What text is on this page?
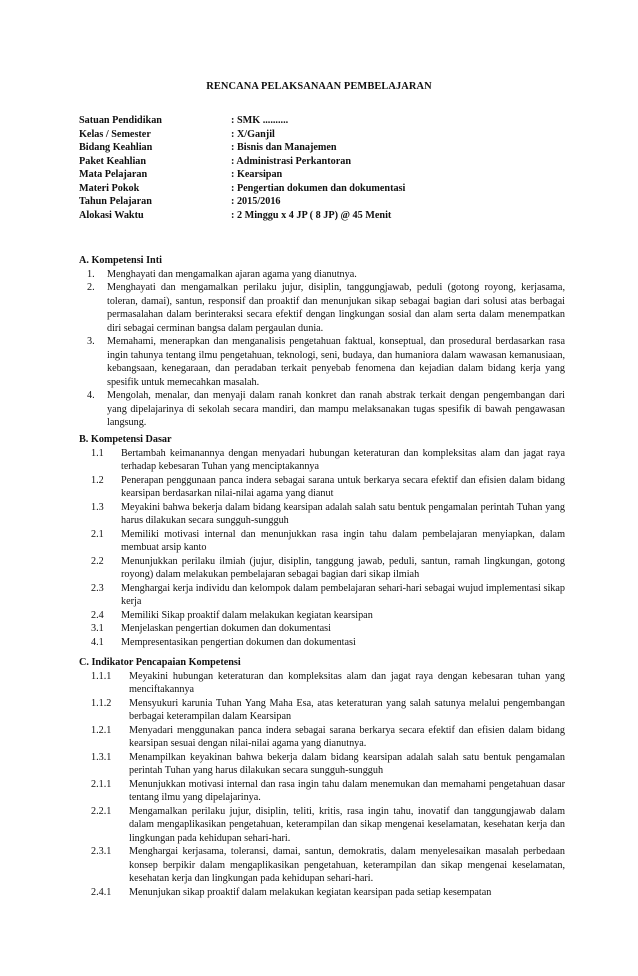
RENCANA PELAKSANAAN PEMBELAJARAN
Satuan Pendidikan	: SMK ..........
Kelas / Semester	: X/Ganjil
Bidang Keahlian	: Bisnis dan Manajemen
Paket Keahlian	: Administrasi Perkantoran
Mata Pelajaran	: Kearsipan
Materi Pokok	: Pengertian dokumen dan dokumentasi
Tahun Pelajaran	: 2015/2016
Alokasi Waktu	: 2 Minggu x 4 JP ( 8 JP) @ 45 Menit
A. Kompetensi Inti
1.	Menghayati dan mengamalkan ajaran agama yang dianutnya.
2.	Menghayati dan mengamalkan perilaku jujur, disiplin, tanggungjawab, peduli (gotong royong, kerjasama, toleran, damai), santun, responsif dan proaktif dan menunjukan sikap sebagai bagian dari solusi atas berbagai permasalahan dalam berinteraksi secara efektif dengan lingkungan sosial dan alam serta dalam menempatkan diri sebagai cerminan bangsa dalam pergaulan dunia.
3.	Memahami, menerapkan dan menganalisis pengetahuan faktual, konseptual, dan prosedural berdasarkan rasa ingin tahunya tentang ilmu pengetahuan, teknologi, seni, budaya, dan humaniora dalam wawasan kemanusiaan, kebangsaan, kenegaraan, dan peradaban terkait penyebab fenomena dan kejadian dalam bidang kerja yang spesifik untuk memecahkan masalah.
4.	Mengolah, menalar, dan menyaji dalam ranah konkret dan ranah abstrak terkait dengan pengembangan dari yang dipelajarinya di sekolah secara mandiri, dan mampu melaksanakan tugas spesifik di bawah pengawasan langsung.
B. Kompetensi Dasar
1.1	Bertambah keimanannya dengan menyadari hubungan keteraturan dan kompleksitas alam dan jagat raya terhadap kebesaran Tuhan yang menciptakannya
1.2	Penerapan penggunaan panca indera sebagai sarana untuk berkarya secara efektif dan efisien dalam bidang kearsipan berdasarkan nilai-nilai agama yang dianut
1.3	Meyakini bahwa bekerja dalam bidang kearsipan adalah salah satu bentuk pengamalan perintah Tuhan yang harus dilakukan secara sungguh-sungguh
2.1	Memiliki motivasi internal dan menunjukkan rasa ingin tahu dalam pembelajaran menyiapkan, dalam membuat arsip kanto
2.2	Menunjukkan perilaku ilmiah (jujur, disiplin, tanggung jawab, peduli, santun, ramah lingkungan, gotong royong) dalam melakukan pembelajaran sebagai bagian dari sikap ilmiah
2.3	Menghargai kerja individu dan kelompok dalam pembelajaran sehari-hari sebagai wujud implementasi sikap kerja
2.4	Memiliki Sikap proaktif dalam melakukan kegiatan kearsipan
3.1	Menjelaskan pengertian dokumen dan dokumentasi
4.1	Mempresentasikan pengertian dokumen dan dokumentasi
C. Indikator Pencapaian Kompetensi
1.1.1	Meyakini hubungan keteraturan dan kompleksitas alam dan jagat raya dengan kebesaran tuhan yang menciftakannya
1.1.2	Mensyukuri karunia Tuhan Yang Maha Esa, atas keteraturan yang salah satunya melalui pengembangan berbagai keterampilan dalam Kearsipan
1.2.1	Menyadari menggunakan panca indera sebagai sarana berkarya secara efektif dan efisien dalam bidang kearsipan sesuai dengan nilai-nilai agama yang dianutnya.
1.3.1	Menampilkan keyakinan bahwa bekerja dalam bidang kearsipan adalah salah satu bentuk pengamalan perintah Tuhan yang harus dilakukan secara sungguh-sungguh
2.1.1	Menunjukkan motivasi internal dan rasa ingin tahu dalam menemukan dan memahami pengetahuan dasar tentang ilmu yang dipelajarinya.
2.2.1	Mengamalkan perilaku jujur, disiplin, teliti, kritis, rasa ingin tahu, inovatif dan tanggungjawab dalam dalam mengaplikasikan pengetahuan, keterampilan dan sikap mengenai keselamatan, kesehatan kerja dan lingkungan pada kehidupan sehari-hari.
2.3.1	Menghargai kerjasama, toleransi, damai, santun, demokratis, dalam menyelesaikan masalah perbedaan konsep berpikir dalam mengaplikasikan pengetahuan, keterampilan dan sikap mengenai keselamatan, kesehatan kerja dan lingkungan pada kehidupan sehari-hari.
2.4.1	Menunjukan sikap proaktif dalam melakukan kegiatan kearsipan pada setiap kesempatan
